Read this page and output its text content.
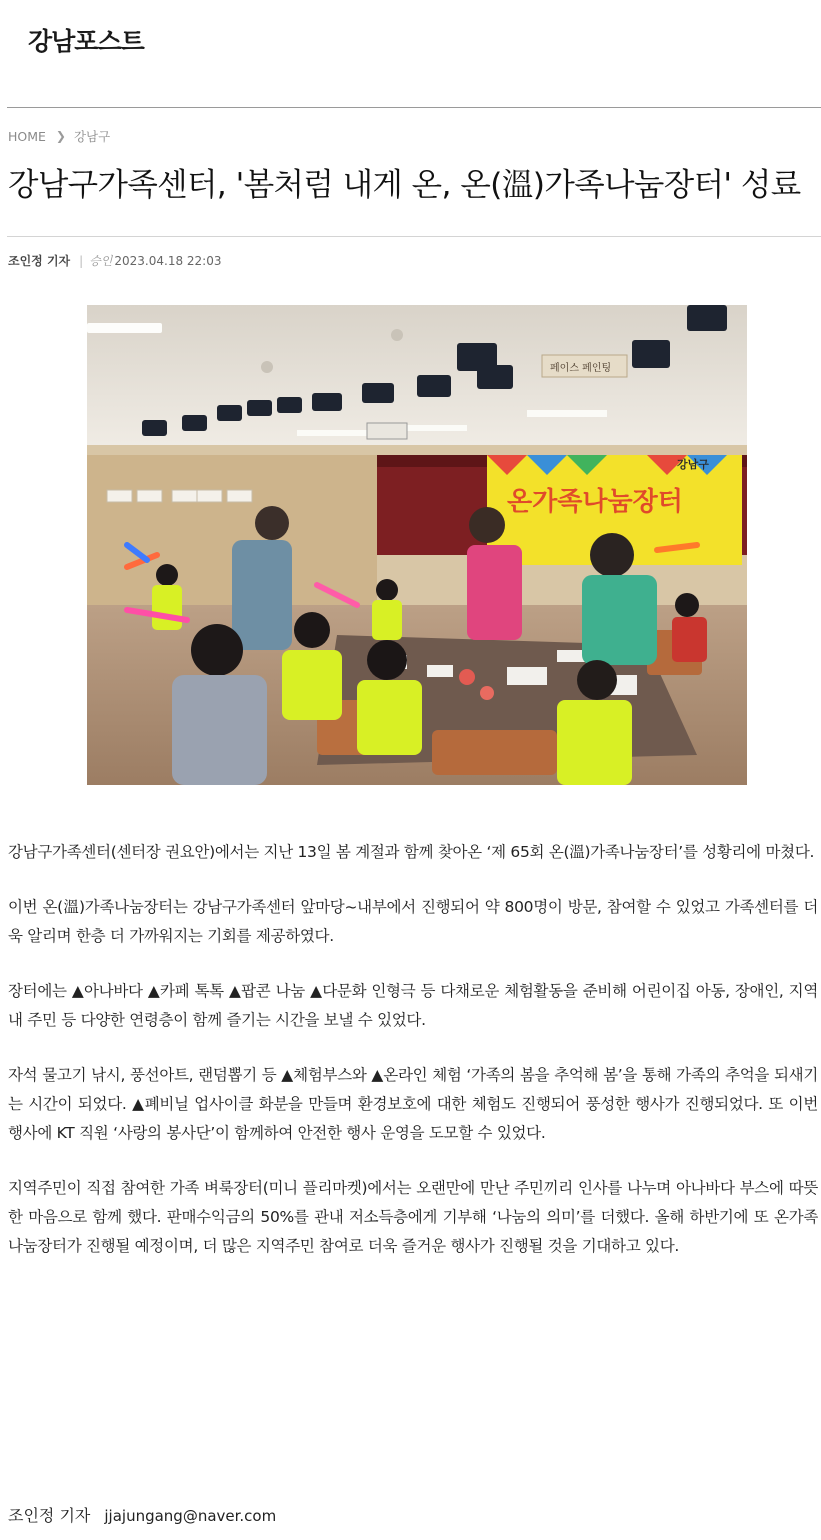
강남포스트
HOME ❯ 강남구
강남구가족센터, '봄처럼 내게 온, 온(溫)가족나눔장터' 성료
조인정 기자 | 승인 2023.04.18 22:03
온가족나눔장터
강남구
페이스 페인팅

강남구가족센터(센터장 권요안)에서는 지난 13일 봄 계절과 함께 찾아온 ‘제 65회 온(溫)가족나눔장터’를 성황리에 마쳤다.

이번 온(溫)가족나눔장터는 강남구가족센터 앞마당~내부에서 진행되어 약 800명이 방문, 참여할 수 있었고 가족센터를 더욱 알리며 한층 더 가까워지는 기회를 제공하였다.

장터에는 ▲아나바다 ▲카페 톡톡 ▲팝콘 나눔 ▲다문화 인형극 등 다채로운 체험활동을 준비해 어린이집 아동, 장애인, 지역 내 주민 등 다양한 연령층이 함께 즐기는 시간을 보낼 수 있었다.

자석 물고기 낚시, 풍선아트, 랜덤뽑기 등 ▲체험부스와 ▲온라인 체험 ‘가족의 봄을 추억해 봄’을 통해 가족의 추억을 되새기는 시간이 되었다. ▲폐비닐 업사이클 화분을 만들며 환경보호에 대한 체험도 진행되어 풍성한 행사가 진행되었다. 또 이번 행사에 KT 직원 ‘사랑의 봉사단’이 함께하여 안전한 행사 운영을 도모할 수 있었다.

지역주민이 직접 참여한 가족 벼룩장터(미니 플리마켓)에서는 오랜만에 만난 주민끼리 인사를 나누며 아나바다 부스에 따뜻한 마음으로 함께 했다. 판매수익금의 50%를 관내 저소득층에게 기부해 ‘나눔의 의미’를 더했다. 올해 하반기에 또 온가족나눔장터가 진행될 예정이며, 더 많은 지역주민 참여로 더욱 즐거운 행사가 진행될 것을 기대하고 있다.

조인정 기자 jjajungang@naver.com
